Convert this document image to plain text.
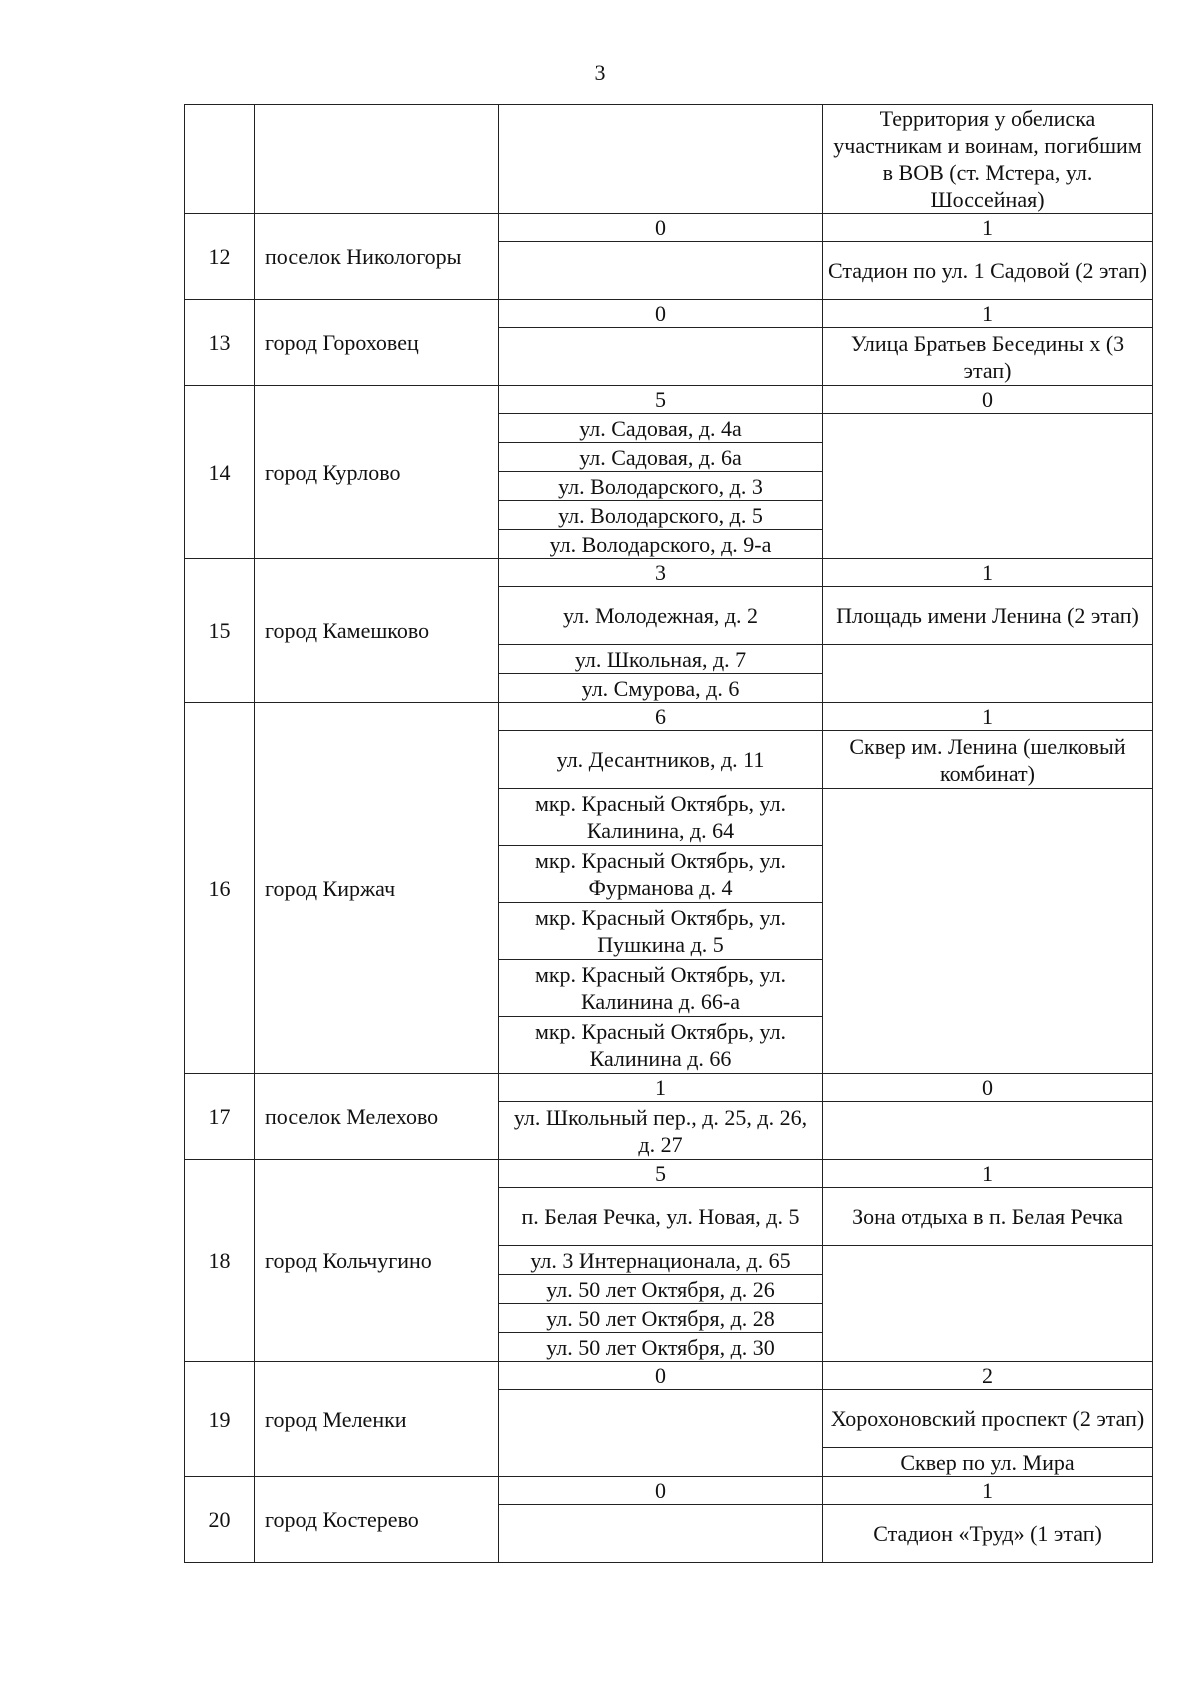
3
			Территория у обелиска участникам и воинам, погибшим в ВОВ (ст. Мстера, ул. Шоссейная)
12	поселок Никологоры	0	1
			Стадион по ул. 1 Садовой (2 этап)
13	город Гороховец	0	1
			Улица Братьев Беседины х (3 этап)
14	город Курлово	5	0
		ул. Садовая, д. 4а	
		ул. Садовая, д. 6а	
		ул. Володарского, д. 3	
		ул. Володарского, д. 5	
		ул. Володарского, д. 9-а	
15	город Камешково	3	1
		ул. Молодежная, д. 2	Площадь имени Ленина (2 этап)
		ул. Школьная, д. 7	
		ул. Смурова, д. 6	
16	город Киржач	6	1
		ул. Десантников, д. 11	Сквер им. Ленина (шелковый комбинат)
		мкр. Красный Октябрь, ул. Калинина, д. 64	
		мкр. Красный Октябрь, ул. Фурманова д. 4	
		мкр. Красный Октябрь, ул. Пушкина д. 5	
		мкр. Красный Октябрь, ул. Калинина д. 66-а	
		мкр. Красный Октябрь, ул. Калинина д. 66	
17	поселок Мелехово	1	0
		ул. Школьный пер., д. 25, д. 26, д. 27	
18	город Кольчугино	5	1
		п. Белая Речка, ул. Новая, д. 5	Зона отдыха в п. Белая Речка
		ул. 3 Интернационала, д. 65	
		ул. 50 лет Октября, д. 26	
		ул. 50 лет Октября, д. 28	
		ул. 50 лет Октября, д. 30	
19	город Меленки	0	2
			Хорохоновский проспект (2 этап)
			Сквер по ул. Мира
20	город Костерево	0	1
			Стадион «Труд» (1 этап)
